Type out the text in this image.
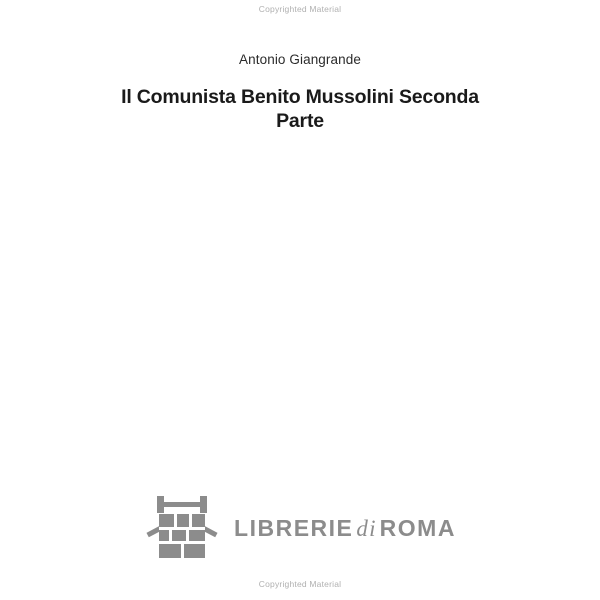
Copyrighted Material
Antonio Giangrande
Il Comunista Benito Mussolini Seconda Parte
LIBRERIE di ROMA
Copyrighted Material
